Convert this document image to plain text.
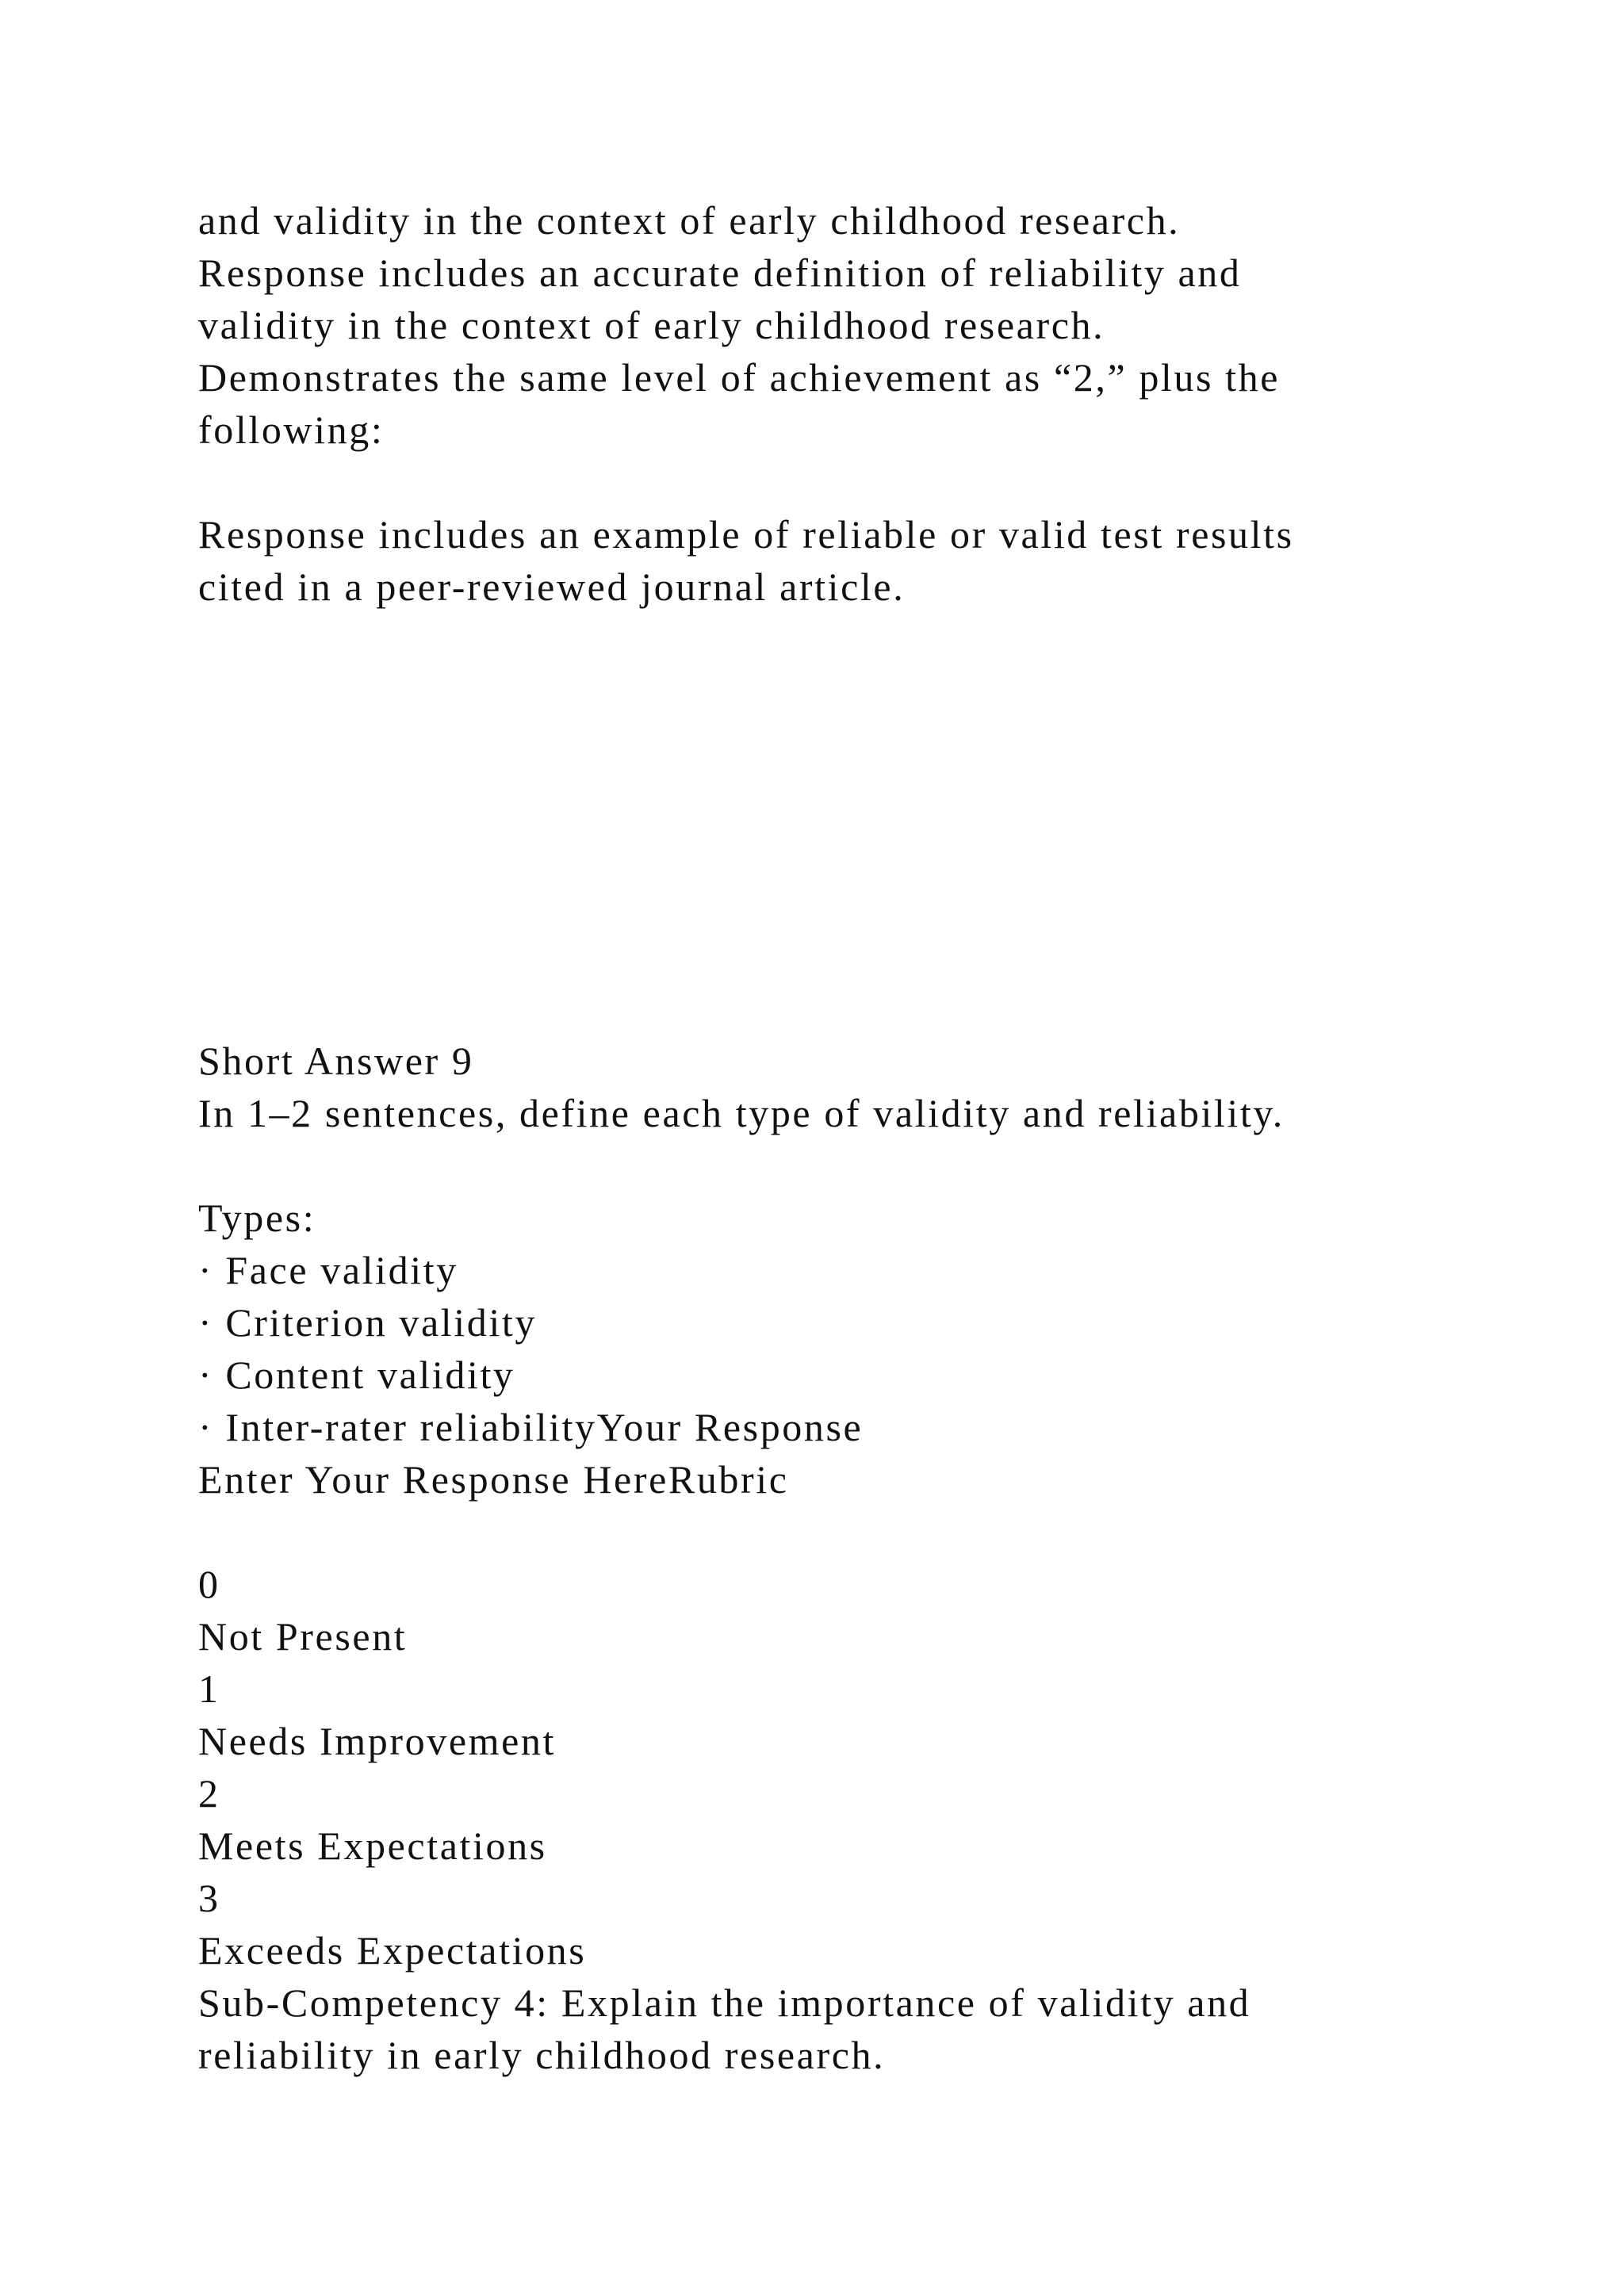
and validity in the context of early childhood research.
Response includes an accurate definition of reliability and
validity in the context of early childhood research.
Demonstrates the same level of achievement as “2,” plus the
following:
Response includes an example of reliable or valid test results
cited in a peer-reviewed journal article.
Short Answer 9
In 1–2 sentences, define each type of validity and reliability.
Types:
· Face validity
· Criterion validity
· Content validity
· Inter-rater reliabilityYour Response
Enter Your Response HereRubric
0
Not Present
1
Needs Improvement
2
Meets Expectations
3
Exceeds Expectations
Sub-Competency 4: Explain the importance of validity and
reliability in early childhood research.
